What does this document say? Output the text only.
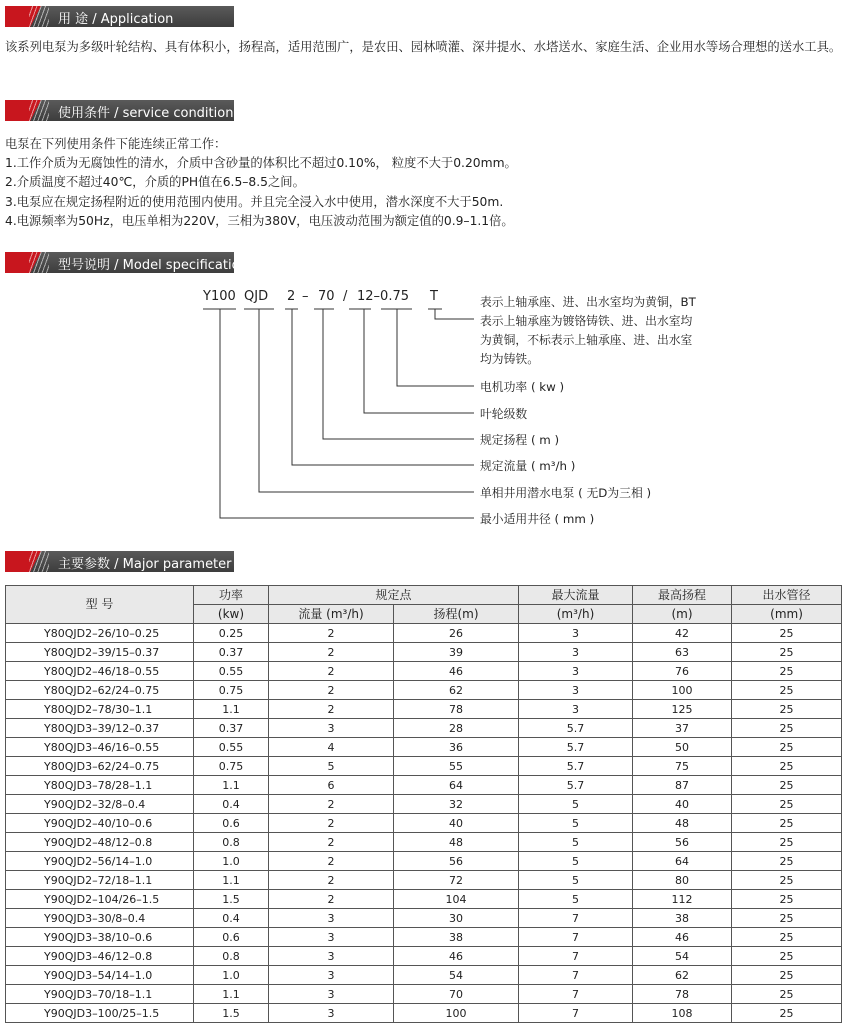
用 途 / Application

该系列电泵为多级叶轮结构、具有体积小，扬程高，适用范围广，是农田、园林喷灌、深井提水、水塔送水、家庭生活、企业用水等场合理想的送水工具。

使用条件 / service conditions
电泵在下列使用条件下能连续正常工作：
1.工作介质为无腐蚀性的清水，介质中含砂量的体积比不超过0.10%， 粒度不大于0.20mm。
2.介质温度不超过40℃，介质的PH值在6.5–8.5之间。
3.电泵应在规定扬程附近的使用范围内使用。并且完全浸入水中使用，潜水深度不大于50m.
4.电源频率为50Hz，电压单相为220V，三相为380V，电压波动范围为额定值的0.9–1.1倍。
型号说明 / Model specification
Y100 QJD 2 – 70 / 12–0.75 T	表示上轴承座、进、出水室均为黄铜，BT
表示上轴承座为镀铬铸铁、进、出水室均
为黄铜，不标表示上轴承座、进、出水室
均为铸铁。
电机功率 ( kw )
叶轮级数
规定扬程 ( m )
规定流量 ( m³/h )
单相井用潜水电泵 ( 无D为三相 )
最小适用井径 ( mm )
主要参数 / Major parameter
型 号	功率	规定点		最大流量	最高扬程	出水管径
	(kw)	流量 (m³/h)	扬程(m)	(m³/h)	(m)	(mm)
Y80QJD2–26/10–0.25	0.25	2	26	3	42	25
Y80QJD2–39/15–0.37	0.37	2	39	3	63	25
Y80QJD2–46/18–0.55	0.55	2	46	3	76	25
Y80QJD2–62/24–0.75	0.75	2	62	3	100	25
Y80QJD2–78/30–1.1	1.1	2	78	3	125	25
Y80QJD3–39/12–0.37	0.37	3	28	5.7	37	25
Y80QJD3–46/16–0.55	0.55	4	36	5.7	50	25
Y80QJD3–62/24–0.75	0.75	5	55	5.7	75	25
Y80QJD3–78/28–1.1	1.1	6	64	5.7	87	25
Y90QJD2–32/8–0.4	0.4	2	32	5	40	25
Y90QJD2–40/10–0.6	0.6	2	40	5	48	25
Y90QJD2–48/12–0.8	0.8	2	48	5	56	25
Y90QJD2–56/14–1.0	1.0	2	56	5	64	25
Y90QJD2–72/18–1.1	1.1	2	72	5	80	25
Y90QJD2–104/26–1.5	1.5	2	104	5	112	25
Y90QJD3–30/8–0.4	0.4	3	30	7	38	25
Y90QJD3–38/10–0.6	0.6	3	38	7	46	25
Y90QJD3–46/12–0.8	0.8	3	46	7	54	25
Y90QJD3–54/14–1.0	1.0	3	54	7	62	25
Y90QJD3–70/18–1.1	1.1	3	70	7	78	25
Y90QJD3–100/25–1.5	1.5	3	100	7	108	25
